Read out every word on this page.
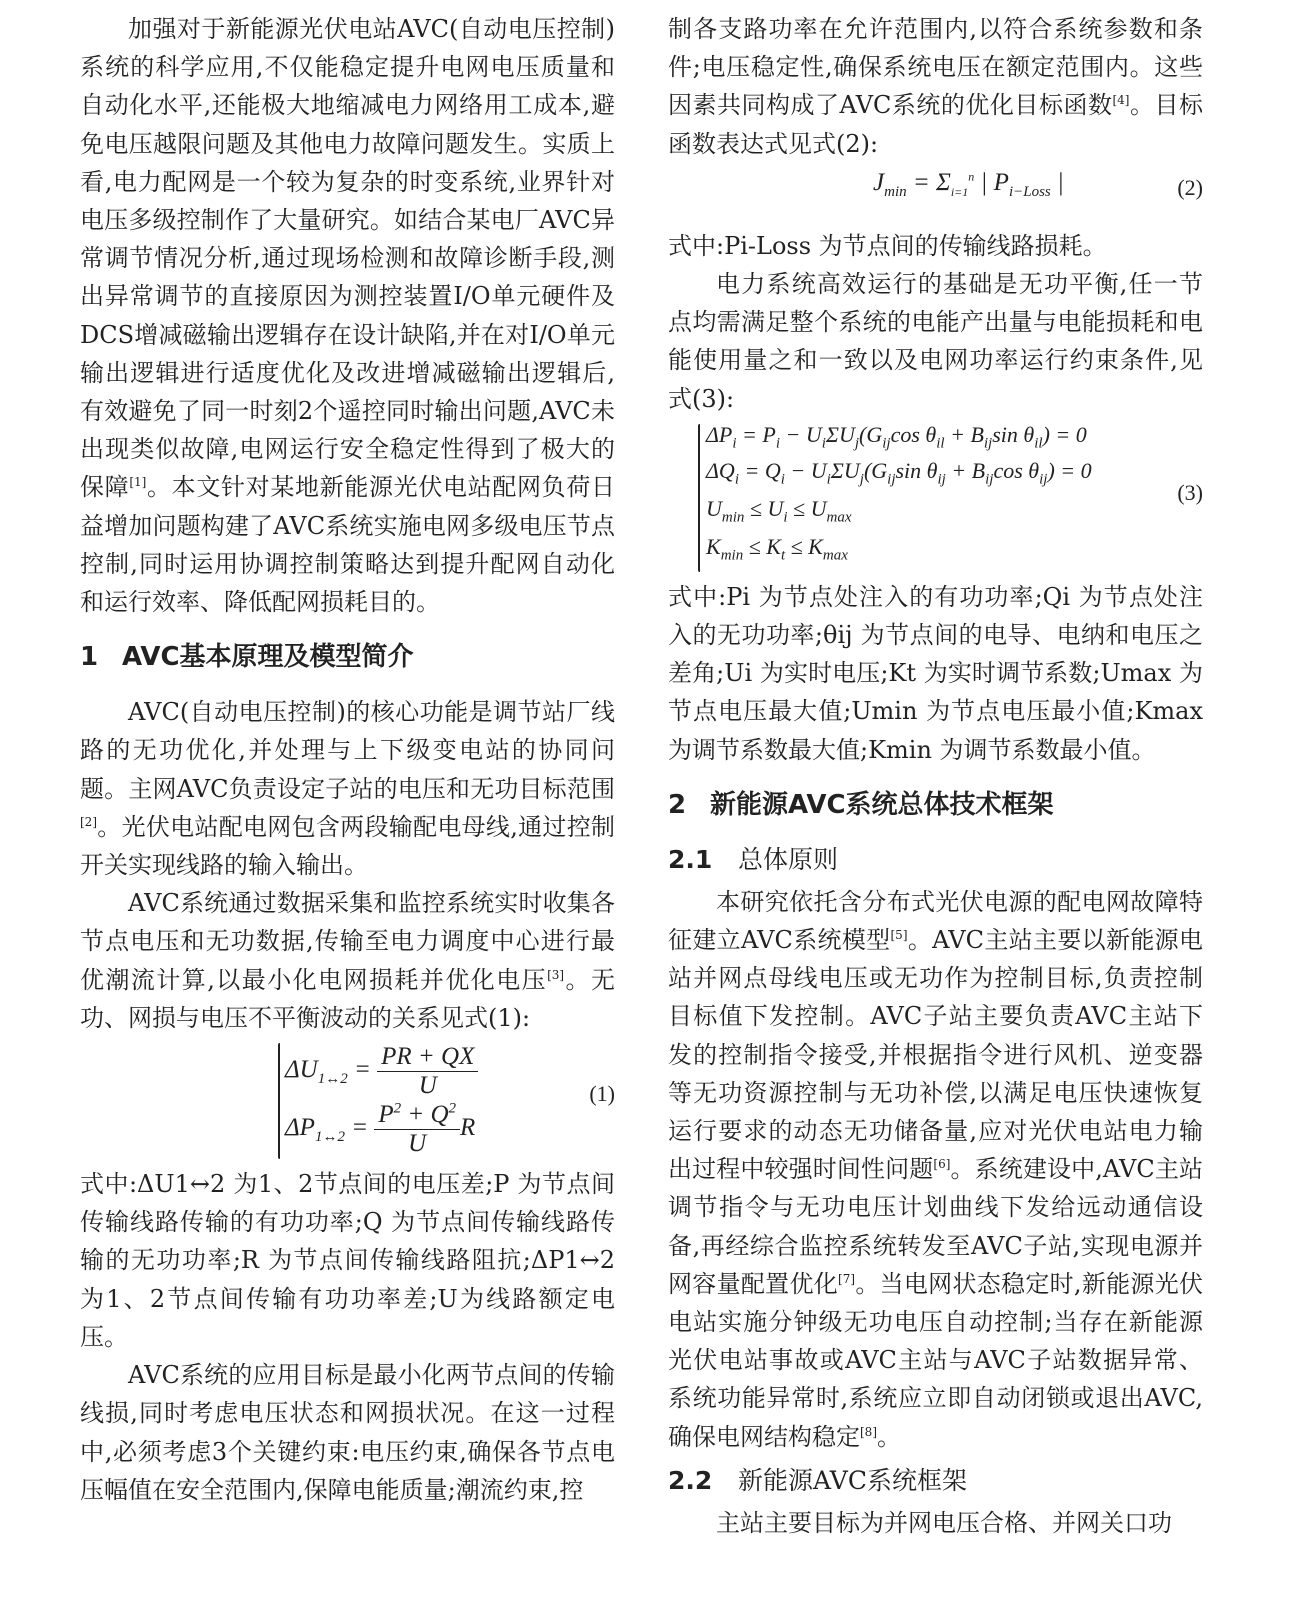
加强对于新能源光伏电站AVC(自动电压控制)系统的科学应用,不仅能稳定提升电网电压质量和自动化水平,还能极大地缩减电力网络用工成本,避免电压越限问题及其他电力故障问题发生。实质上看,电力配网是一个较为复杂的时变系统,业界针对电压多级控制作了大量研究。如结合某电厂AVC异常调节情况分析,通过现场检测和故障诊断手段,测出异常调节的直接原因为测控装置I/O单元硬件及DCS增减磁输出逻辑存在设计缺陷,并在对I/O单元输出逻辑进行适度优化及改进增减磁输出逻辑后,有效避免了同一时刻2个遥控同时输出问题,AVC未出现类似故障,电网运行安全稳定性得到了极大的保障[1]。本文针对某地新能源光伏电站配网负荷日益增加问题构建了AVC系统实施电网多级电压节点控制,同时运用协调控制策略达到提升配网自动化和运行效率、降低配网损耗目的。

1 AVC基本原理及模型简介

AVC(自动电压控制)的核心功能是调节站厂线路的无功优化,并处理与上下级变电站的协同问题。主网AVC负责设定子站的电压和无功目标范围[2]。光伏电站配电网包含两段输配电母线,通过控制开关实现线路的输入输出。

AVC系统通过数据采集和监控系统实时收集各节点电压和无功数据,传输至电力调度中心进行最优潮流计算,以最小化电网损耗并优化电压[3]。无功、网损与电压不平衡波动的关系见式(1):

$\Delta U_{1\leftrightarrow 2} = \frac{PR + QX}{U}$
$\Delta P_{1\leftrightarrow 2} = \frac{P^2 + Q^2}{U}$ R
(1)

式中:ΔU1↔2 为1、2节点间的电压差;P 为节点间传输线路传输的有功功率;Q 为节点间传输线路传输的无功功率;R 为节点间传输线路阻抗;ΔP1↔2 为1、2节点间传输有功功率差;U为线路额定电压。

AVC系统的应用目标是最小化两节点间的传输线损,同时考虑电压状态和网损状况。在这一过程中,必须考虑3个关键约束:电压约束,确保各节点电压幅值在安全范围内,保障电能质量;潮流约束,控

制各支路功率在允许范围内,以符合系统参数和条件;电压稳定性,确保系统电压在额定范围内。这些因素共同构成了AVC系统的优化目标函数[4]。目标函数表达式见式(2):

$J_{min} = \Sigma_{i=1}^n$ | $P_{i-Loss}$ |	(2)

式中:Pi-Loss 为节点间的传输线路损耗。

电力系统高效运行的基础是无功平衡,任一节点均需满足整个系统的电能产出量与电能损耗和电能使用量之和一致以及电网功率运行约束条件,见式(3):

$\Delta P_i = P_i - U_i\Sigma U_j(G_{ij}\cos$ $\theta_{il} + B_{ij}\sin$ $\theta_{il}) = 0$
$\Delta Q_i = Q_i - U_i\Sigma U_j(G_{ij}\sin$ $\theta_{ij} + B_{ij}\cos$ $\theta_{ij}) = 0$
$U_{min} \le U_i \le U_{max}$
$K_{min} \le K_t \le K_{max}$
(3)

式中:Pi 为节点处注入的有功功率;Qi 为节点处注入的无功功率;θij 为节点间的电导、电纳和电压之差角;Ui 为实时电压;Kt 为实时调节系数;Umax 为节点电压最大值;Umin 为节点电压最小值;Kmax 为调节系数最大值;Kmin 为调节系数最小值。

2 新能源AVC系统总体技术框架
2.1 总体原则

本研究依托含分布式光伏电源的配电网故障特征建立AVC系统模型[5]。AVC主站主要以新能源电站并网点母线电压或无功作为控制目标,负责控制目标值下发控制。AVC子站主要负责AVC主站下发的控制指令接受,并根据指令进行风机、逆变器等无功资源控制与无功补偿,以满足电压快速恢复运行要求的动态无功储备量,应对光伏电站电力输出过程中较强时间性问题[6]。系统建设中,AVC主站调节指令与无功电压计划曲线下发给远动通信设备,再经综合监控系统转发至AVC子站,实现电源并网容量配置优化[7]。当电网状态稳定时,新能源光伏电站实施分钟级无功电压自动控制;当存在新能源光伏电站事故或AVC主站与AVC子站数据异常、系统功能异常时,系统应立即自动闭锁或退出AVC,确保电网结构稳定[8]。

2.2 新能源AVC系统框架

主站主要目标为并网电压合格、并网关口功
